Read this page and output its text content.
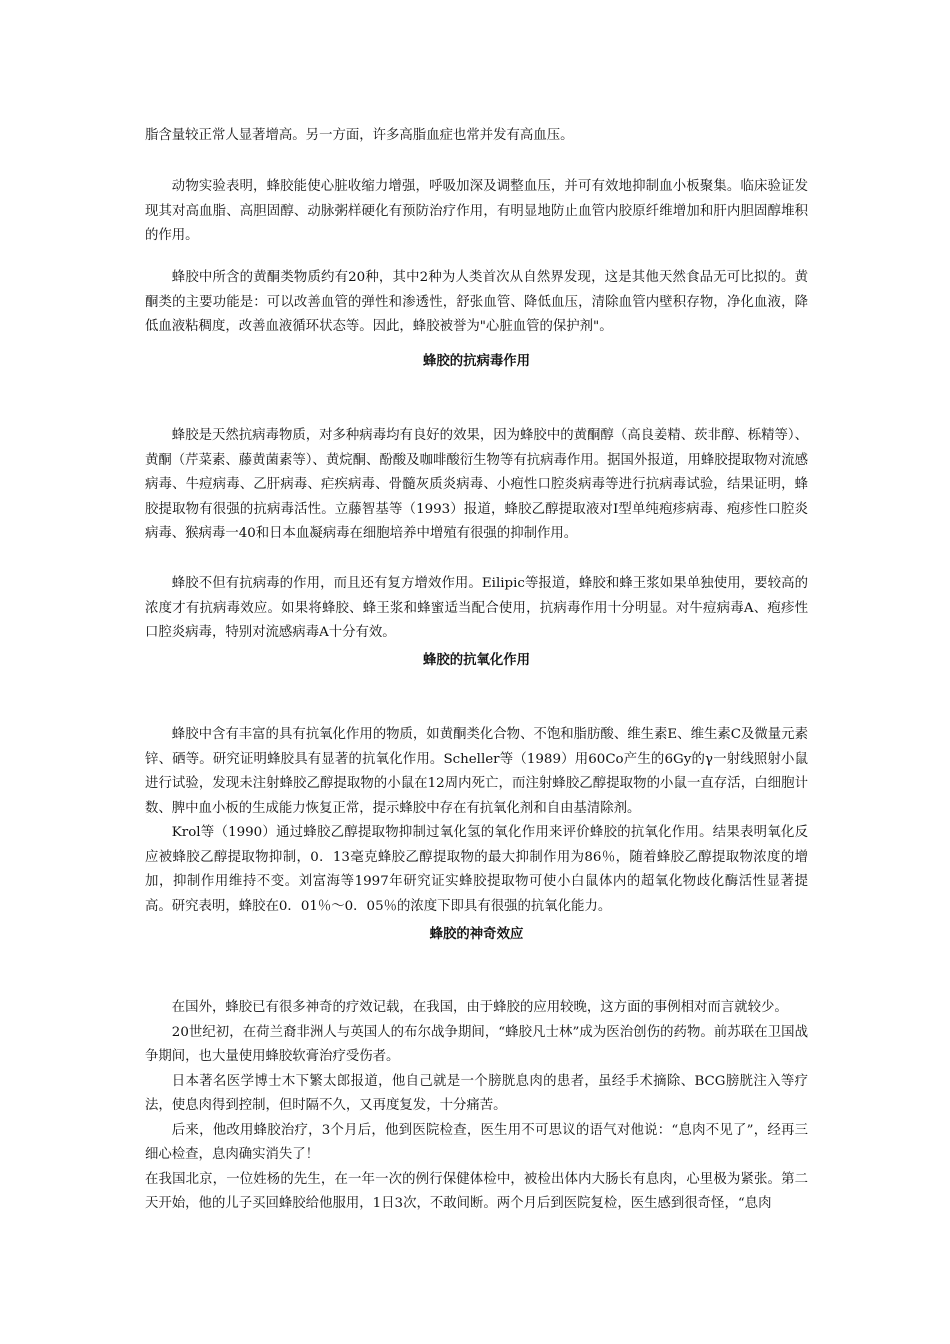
脂含量较正常人显著增高。另一方面，许多高脂血症也常并发有高血压。

动物实验表明，蜂胶能使心脏收缩力增强，呼吸加深及调整血压，并可有效地抑制血小板聚集。临床验证发现其对高血脂、高胆固醇、动脉粥样硬化有预防治疗作用，有明显地防止血管内胶原纤维增加和肝内胆固醇堆积的作用。

蜂胶中所含的黄酮类物质约有20种，其中2种为人类首次从自然界发现，这是其他天然食品无可比拟的。黄酮类的主要功能是：可以改善血管的弹性和渗透性，舒张血管、降低血压，清除血管内壁积存物，净化血液，降低血液粘稠度，改善血液循环状态等。因此，蜂胶被誉为"心脏血管的保护剂"。

蜂胶的抗病毒作用

蜂胶是天然抗病毒物质，对多种病毒均有良好的效果，因为蜂胶中的黄酮醇（高良姜精、莰非醇、栎精等）、黄酮（芹菜素、藤黄菌素等）、黄烷酮、酚酸及咖啡酸衍生物等有抗病毒作用。据国外报道，用蜂胶提取物对流感病毒、牛痘病毒、乙肝病毒、疟疾病毒、骨髓灰质炎病毒、小疱性口腔炎病毒等进行抗病毒试验，结果证明，蜂胶提取物有很强的抗病毒活性。立藤智基等（1993）报道，蜂胶乙醇提取液对Ⅰ型单纯疱疹病毒、疱疹性口腔炎病毒、猴病毒一40和日本血凝病毒在细胞培养中增殖有很强的抑制作用。

蜂胶不但有抗病毒的作用，而且还有复方增效作用。Eilipic等报道，蜂胶和蜂王浆如果单独使用，要较高的浓度才有抗病毒效应。如果将蜂胶、蜂王浆和蜂蜜适当配合使用，抗病毒作用十分明显。对牛痘病毒A、疱疹性口腔炎病毒，特别对流感病毒A十分有效。

蜂胶的抗氧化作用

蜂胶中含有丰富的具有抗氧化作用的物质，如黄酮类化合物、不饱和脂肪酸、维生素E、维生素C及微量元素锌、硒等。研究证明蜂胶具有显著的抗氧化作用。Scheller等（1989）用60Co产生的6Gy的γ一射线照射小鼠进行试验，发现未注射蜂胶乙醇提取物的小鼠在12周内死亡，而注射蜂胶乙醇提取物的小鼠一直存活，白细胞计数、脾中血小板的生成能力恢复正常，提示蜂胶中存在有抗氧化剂和自由基清除剂。

Krol等（1990）通过蜂胶乙醇提取物抑制过氧化氢的氧化作用来评价蜂胶的抗氧化作用。结果表明氧化反应被蜂胶乙醇提取物抑制，0．13毫克蜂胶乙醇提取物的最大抑制作用为86％，随着蜂胶乙醇提取物浓度的增加，抑制作用维持不变。刘富海等1997年研究证实蜂胶提取物可使小白鼠体内的超氧化物歧化酶活性显著提高。研究表明，蜂胶在0．01％～0．05％的浓度下即具有很强的抗氧化能力。

蜂胶的神奇效应

在国外，蜂胶已有很多神奇的疗效记载，在我国，由于蜂胶的应用较晚，这方面的事例相对而言就较少。

20世纪初，在荷兰裔非洲人与英国人的布尔战争期间，“蜂胶凡士林”成为医治创伤的药物。前苏联在卫国战争期间，也大量使用蜂胶软膏治疗受伤者。

日本著名医学博士木下繁太郎报道，他自己就是一个膀胱息肉的患者，虽经手术摘除、BCG膀胱注入等疗法，使息肉得到控制，但时隔不久，又再度复发，十分痛苦。

后来，他改用蜂胶治疗，3个月后，他到医院检查，医生用不可思议的语气对他说：“息肉不见了”，经再三细心检查，息肉确实消失了！

在我国北京，一位姓杨的先生，在一年一次的例行保健体检中，被检出体内大肠长有息肉，心里极为紧张。第二天开始，他的儿子买回蜂胶给他服用，1日3次，不敢间断。两个月后到医院复检，医生感到很奇怪，“息肉
